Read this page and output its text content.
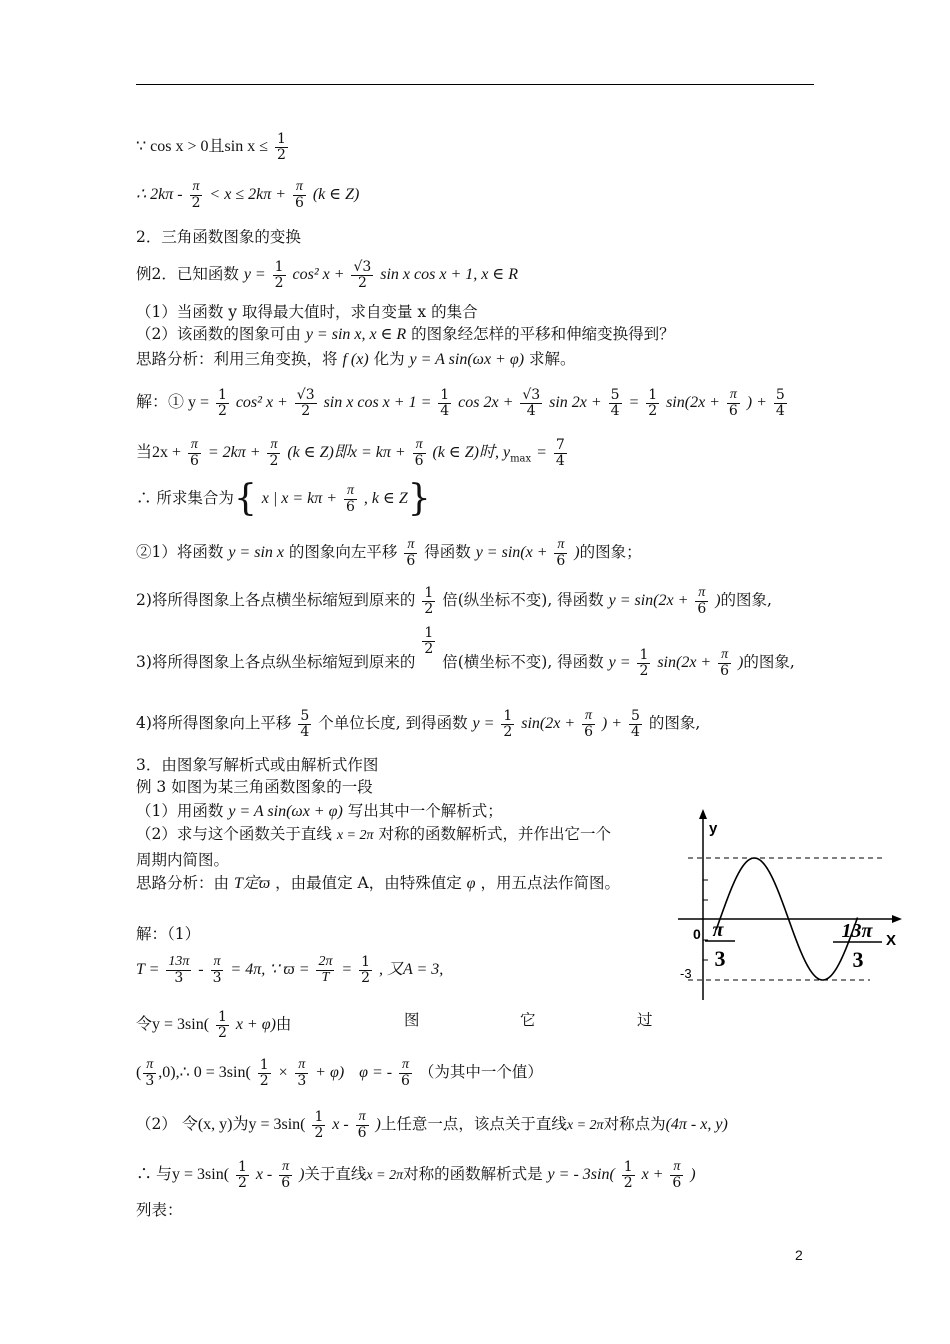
∵ cos x > 0且$\sin x \le \frac{1}{2}$
∴ $2k\pi - \frac{\pi}{2} < x \le 2k\pi + \frac{\pi}{6} (k$ ∈ Z)
2．三角函数图象的变换
例2．已知函数 $y = \frac{1}{2} \cos^2$ $x + \frac{√3}{2}$ sin x cos x + 1, x ∈ R
（1）当函数 y 取得最大值时，求自变量 x 的集合
（2）该函数的图象可由 y = sin x, x ∈ R 的图象经怎样的平移和伸缩变换得到？
思路分析：利用三角变换，将 f (x) 化为 y = A sin(ωx + φ) 求解。
解：① $y = \frac{1}{2} \cos^2$ $x + \frac{√3}{2}$ sin x $\cos x + 1 = \frac{1}{4}$ $\cos 2x + \frac{√3}{4}$ $\sin 2x + \frac{5}{4} = \frac{1}{2} \sin(2x + \frac{\pi}{6}$ ) + $\frac{5}{4}$
当$2x + \frac{\pi}{6} = 2k\pi + \frac{\pi}{2} (k$ ∈ Z)即$x = k\pi + \frac{\pi}{6} (k$ ∈ Z)时, $y_{max} = \frac{7}{4}$
∴ 所求集合为{ x | $x = k\pi + \frac{\pi}{6}$ , k ∈ Z}
②1）将函数 y = sin x 的图象向左平移 $\frac{\pi}{6}$ 得函数 $y = \sin(x + \frac{\pi}{6}$ )的图象；
2)将所得图象上各点横坐标缩短到原来的 $\frac{1}{2}$ 倍(纵坐标不变), 得函数 $y = \sin(2x + \frac{\pi}{6}$ )的图象,
3)将所得图象上各点纵坐标缩短到原来的
$\frac{1}{2}$
倍(横坐标不变), 得函数 $y = \frac{1}{2} \sin(2x + \frac{\pi}{6}$ )的图象,
4)将所得图象向上平移 $\frac{5}{4}$ 个单位长度, 到得函数 $y = \frac{1}{2} \sin(2x + \frac{\pi}{6}$ ) + $\frac{5}{4}$ 的图象,
3．由图象写解析式或由解析式作图
例 3 如图为某三角函数图象的一段
（1）用函数 y = A sin(ωx + φ) 写出其中一个解析式；
（2）求与这个函数关于直线 x = 2π 对称的函数解析式，并作出它一个
周期内简图。
思路分析：由 T定ϖ ，由最值定 A，由特殊值定 φ ，用五点法作简图。
解：（1）
$T = \frac{13\pi}{3} - \frac{\pi}{3} = 4\pi$, ∵ $ϖ = \frac{2\pi}{T} = \frac{1}{2}$ , 又A = 3,
令$y = 3\sin( \frac{1}{2}$ x + φ)由	图	它	过
( $\frac{\pi}{3}$ ,0),∴ $0 = 3\sin( \frac{1}{2} \times \frac{\pi}{3} + \varphi)$ φ = - $\frac{\pi}{6}$ （为其中一个值）
（2） 令(x, y)为$y = 3\sin( \frac{1}{2}$ x - $\frac{\pi}{6}$ )上任意一点，该点关于直线x = 2π对称点为(4π - x, y)
∴ 与$y = 3\sin( \frac{1}{2}$ x - $\frac{\pi}{6}$ )关于直线x = 2π对称的函数解析式是 y = - $3\sin( \frac{1}{2}$ $x + \frac{\pi}{6}$ )
列表：
2
y
X
0
-3
π
3
13π
3
